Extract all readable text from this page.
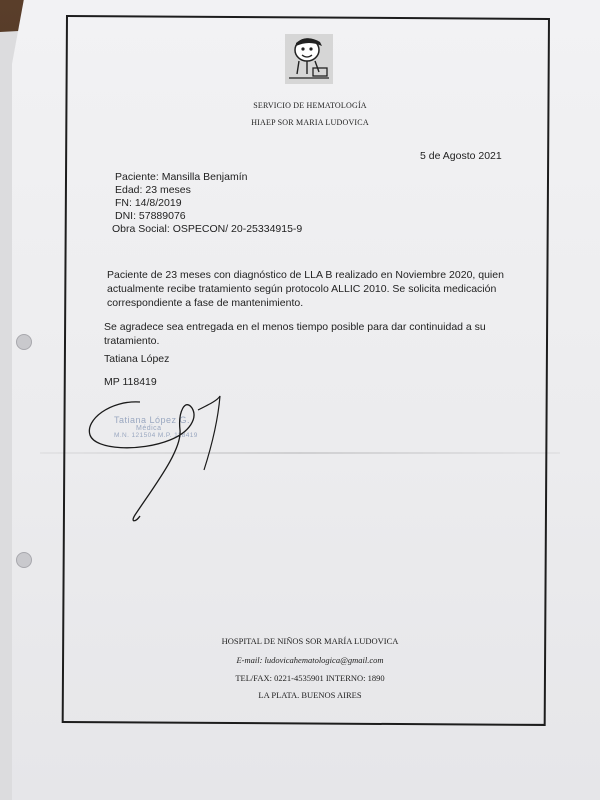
SERVICIO DE HEMATOLOGÍA
HIAEP SOR MARIA LUDOVICA
5 de Agosto 2021
Paciente: Mansilla Benjamín
Edad: 23 meses
FN: 14/8/2019
DNI: 57889076
Obra Social: OSPECON/ 20-25334915-9
Paciente de 23 meses con diagnóstico de LLA B realizado en Noviembre 2020, quien actualmente recibe tratamiento según protocolo ALLIC 2010. Se solicita medicación correspondiente a fase de mantenimiento.
Se agradece sea entregada en el menos tiempo posible para dar continuidad a su tratamiento.
Tatiana López
MP 118419
Tatiana López G.
Médica
M.N. 121504 M.P. 118419
HOSPITAL DE NIÑOS SOR MARÍA LUDOVICA
E-mail: ludovicahematologica@gmail.com
TEL/FAX: 0221-4535901 INTERNO: 1890
LA PLATA. BUENOS AIRES
